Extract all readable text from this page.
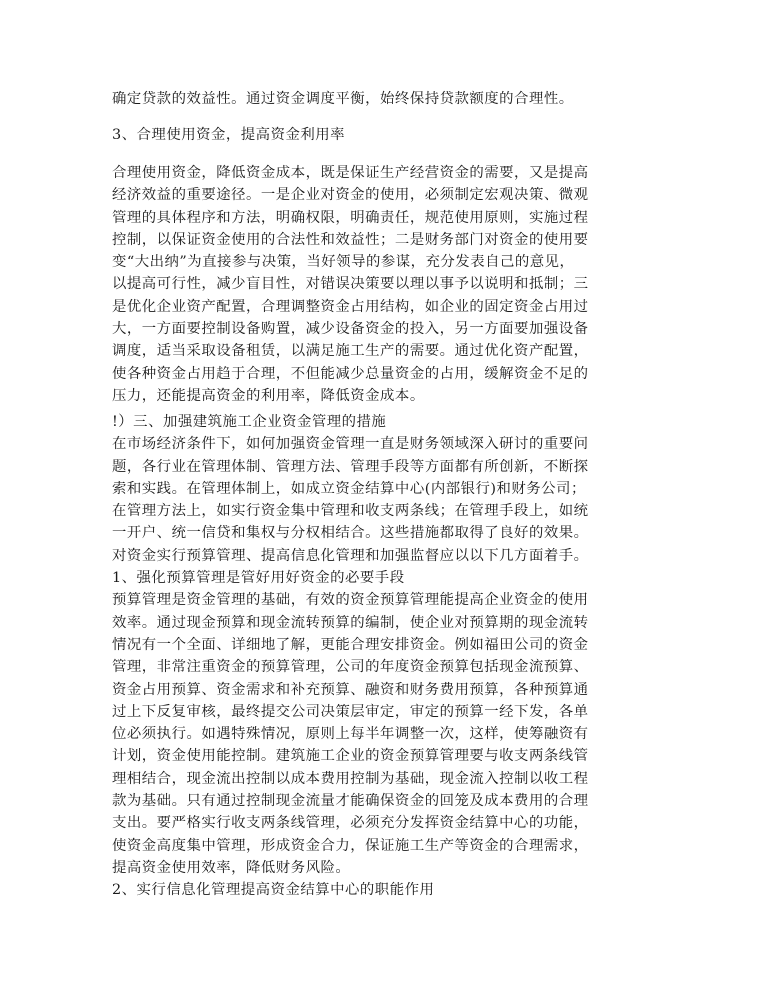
确定贷款的效益性。通过资金调度平衡，始终保持贷款额度的合理性。

3、合理使用资金，提高资金利用率

合理使用资金，降低资金成本，既是保证生产经营资金的需要，又是提高

经济效益的重要途径。一是企业对资金的使用，必须制定宏观决策、微观

管理的具体程序和方法，明确权限，明确责任，规范使用原则，实施过程

控制，以保证资金使用的合法性和效益性；二是财务部门对资金的使用要

变“大出纳”为直接参与决策，当好领导的参谋，充分发表自己的意见，

以提高可行性，减少盲目性，对错误决策要以理以事予以说明和抵制；三

是优化企业资产配置，合理调整资金占用结构，如企业的固定资金占用过

大，一方面要控制设备购置，减少设备资金的投入，另一方面要加强设备

调度，适当采取设备租赁，以满足施工生产的需要。通过优化资产配置，

使各种资金占用趋于合理，不但能减少总量资金的占用，缓解资金不足的

压力，还能提高资金的利用率，降低资金成本。

!）三、加强建筑施工企业资金管理的措施

在市场经济条件下，如何加强资金管理一直是财务领域深入研讨的重要问

题，各行业在管理体制、管理方法、管理手段等方面都有所创新，不断探

索和实践。在管理体制上，如成立资金结算中心(内部银行)和财务公司；

在管理方法上，如实行资金集中管理和收支两条线；在管理手段上，如统

一开户、统一信贷和集权与分权相结合。这些措施都取得了良好的效果。

对资金实行预算管理、提高信息化管理和加强监督应以以下几方面着手。

1、强化预算管理是管好用好资金的必要手段

预算管理是资金管理的基础，有效的资金预算管理能提高企业资金的使用

效率。通过现金预算和现金流转预算的编制，使企业对预算期的现金流转

情况有一个全面、详细地了解，更能合理安排资金。例如福田公司的资金

管理，非常注重资金的预算管理，公司的年度资金预算包括现金流预算、

资金占用预算、资金需求和补充预算、融资和财务费用预算，各种预算通

过上下反复审核，最终提交公司决策层审定，审定的预算一经下发，各单

位必须执行。如遇特殊情况，原则上每半年调整一次，这样，使筹融资有

计划，资金使用能控制。建筑施工企业的资金预算管理要与收支两条线管

理相结合，现金流出控制以成本费用控制为基础，现金流入控制以收工程

款为基础。只有通过控制现金流量才能确保资金的回笼及成本费用的合理

支出。要严格实行收支两条线管理，必须充分发挥资金结算中心的功能，

使资金高度集中管理，形成资金合力，保证施工生产等资金的合理需求，

提高资金使用效率，降低财务风险。

2、实行信息化管理提高资金结算中心的职能作用
